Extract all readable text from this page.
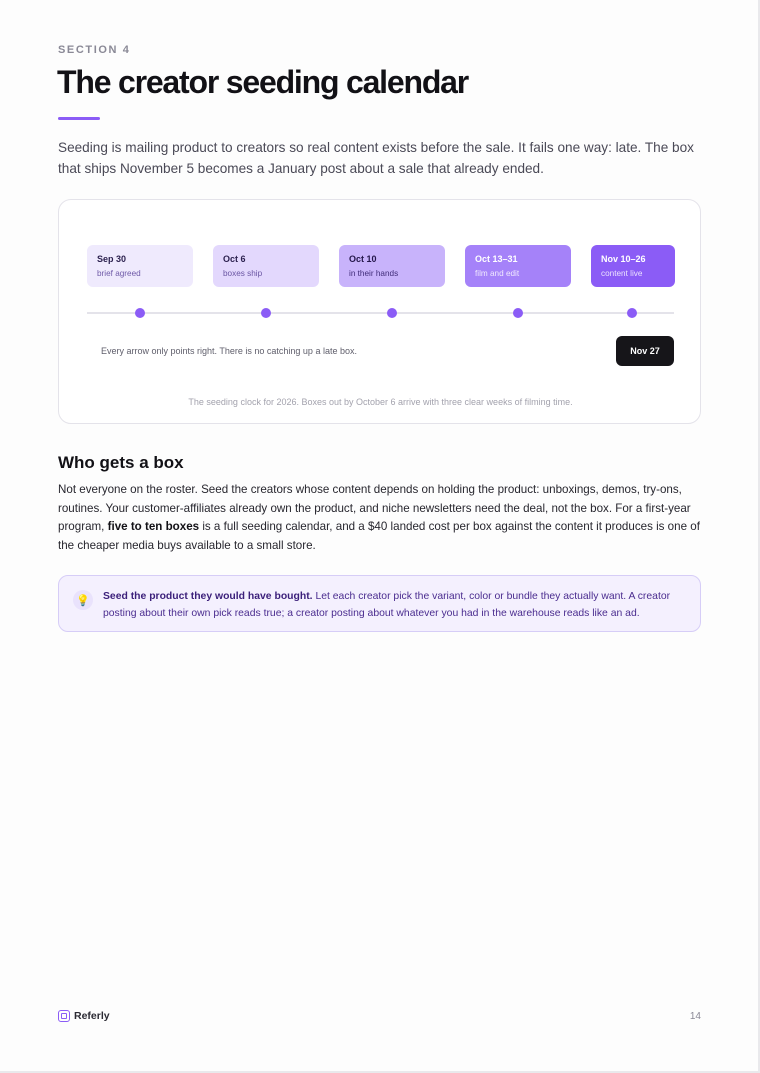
SECTION 4
The creator seeding calendar

Seeding is mailing product to creators so real content exists before the sale. It fails one way: late. The box that ships November 5 becomes a January post about a sale that already ended.

Sep 30
brief agreed
Oct 6
boxes ship
Oct 10
in their hands
Oct 13–31
film and edit
Nov 10–26
content live
Every arrow only points right. There is no catching up a late box.	Nov 27
The seeding clock for 2026. Boxes out by October 6 arrive with three clear weeks of filming time.
Who gets a box

Not everyone on the roster. Seed the creators whose content depends on holding the product: unboxings, demos, try-ons, routines. Your customer-affiliates already own the product, and niche newsletters need the deal, not the box. For a first-year program, five to ten boxes is a full seeding calendar, and a $40 landed cost per box against the content it produces is one of the cheaper media buys available to a small store.

💡	Seed the product they would have bought. Let each creator pick the variant, color or bundle they actually want. A creator posting about their own pick reads true; a creator posting about whatever you had in the warehouse reads like an ad.

Referly	14
